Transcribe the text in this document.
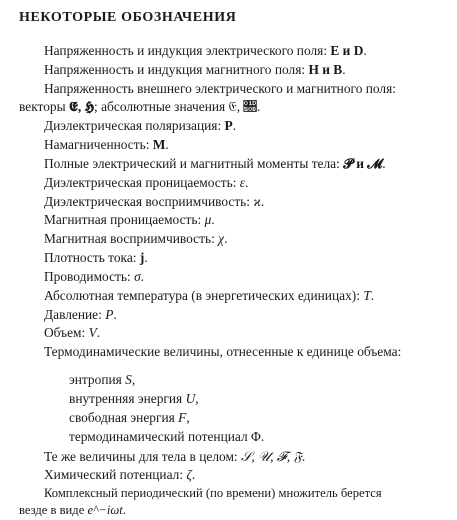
НЕКОТОРЫЕ ОБОЗНАЧЕНИЯ
Напряженность и индукция электрического поля: E и D.
Напряженность и индукция магнитного поля: H и B.
Напряженность внешнего электрического и магнитного поля:
векторы 𝕰, 𝕳; абсолютные значения 𝔈, 𝔋.
Диэлектрическая поляризация: P.
Намагниченность: M.
Полные электрический и магнитный моменты тела: 𝓟 и 𝓜.
Диэлектрическая проницаемость: ε.
Диэлектрическая восприимчивость: ϰ.
Магнитная проницаемость: μ.
Магнитная восприимчивость: χ.
Плотность тока: j.
Проводимость: σ.
Абсолютная температура (в энергетических единицах): T.
Давление: P.
Объем: V.
Термодинамические величины, отнесенные к единице объема:
энтропия S,
внутренняя энергия U,
свободная энергия F,
термодинамический потенциал Φ.
Те же величины для тела в целом: 𝒮, 𝒰, 𝓕, 𝔉.
Химический потенциал: ζ.
Комплексный периодический (по времени) множитель берется
везде в виде e^−iωt.
